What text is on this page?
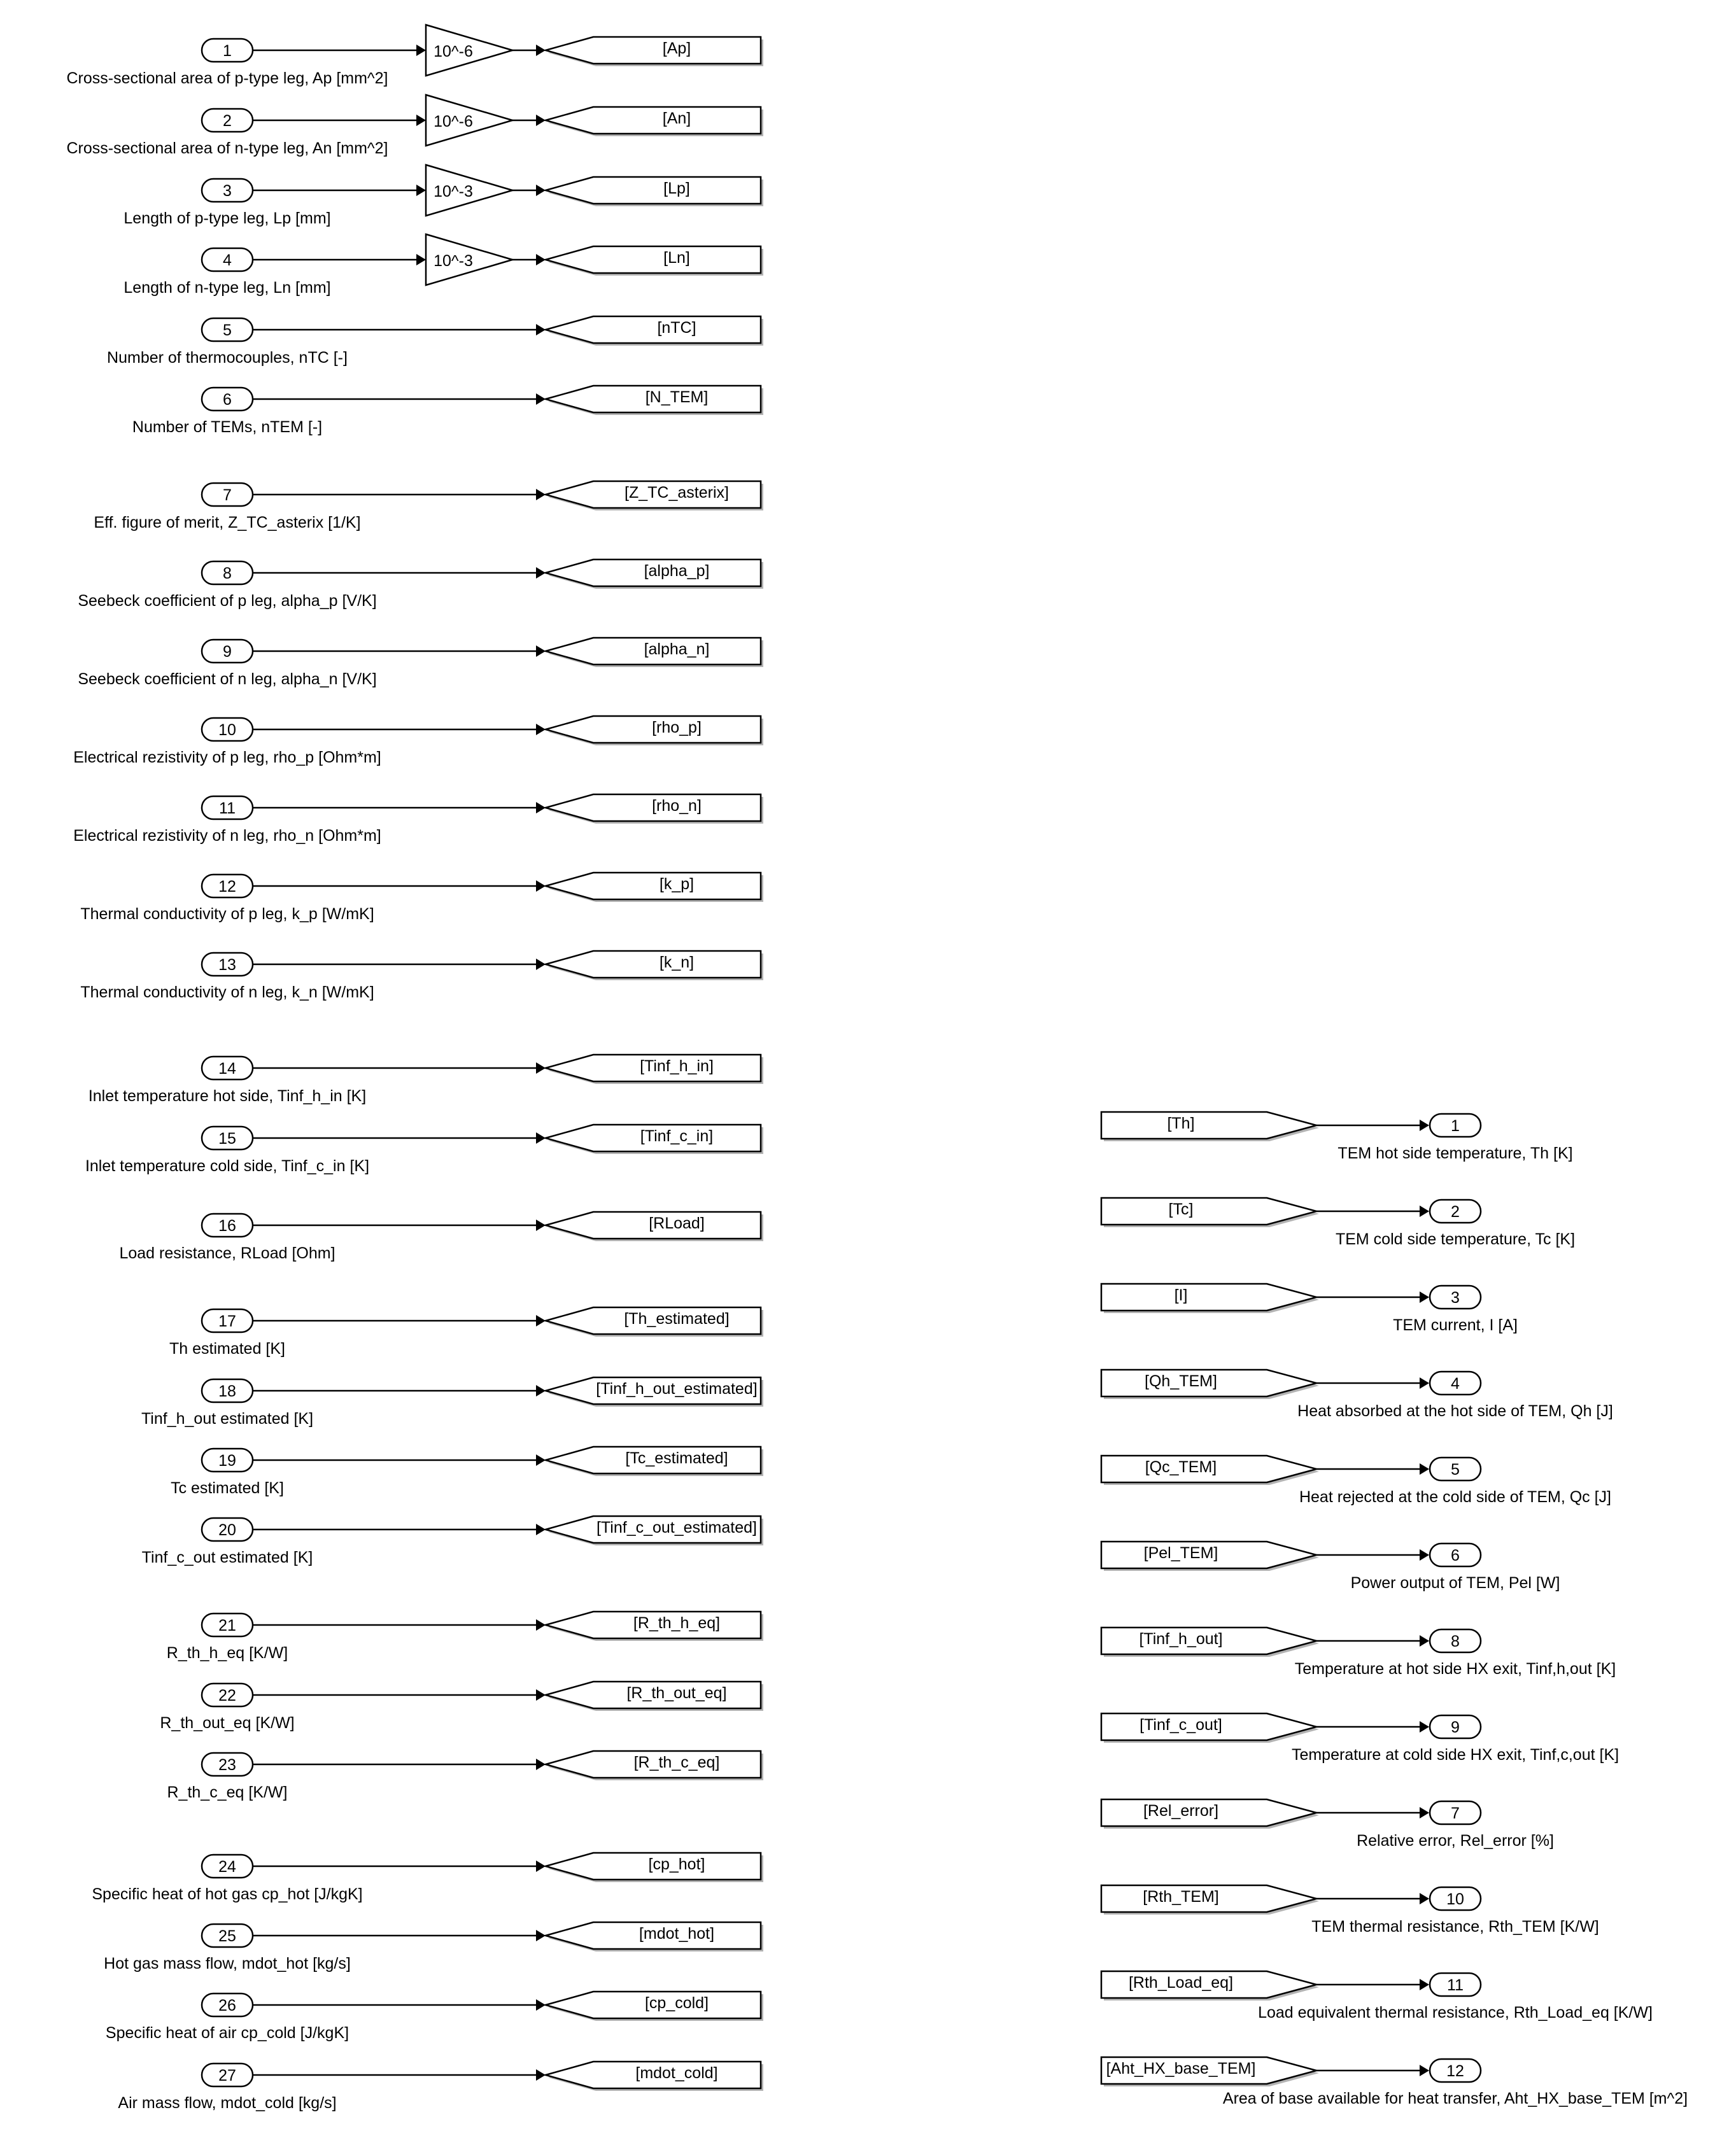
1
Cross-sectional area of p-type leg, Ap [mm^2]
10^-6	[Ap]
2
Cross-sectional area of n-type leg, An [mm^2]
10^-6	[An]
3
Length of p-type leg, Lp [mm]
10^-3	[Lp]
4
Length of n-type leg, Ln [mm]
10^-3	[Ln]
5
Number of thermocouples, nTC [-]
[nTC]
6
Number of TEMs, nTEM [-]
[N_TEM]
7
Eff. figure of merit, Z_TC_asterix [1/K]
[Z_TC_asterix]
8
Seebeck coefficient of p leg, alpha_p [V/K]
[alpha_p]
9
Seebeck coefficient of n leg, alpha_n [V/K]
[alpha_n]
10
Electrical rezistivity of p leg, rho_p [Ohm*m]
[rho_p]
11
Electrical rezistivity of n leg, rho_n [Ohm*m]
[rho_n]
12
Thermal conductivity of p leg, k_p [W/mK]
[k_p]
13
Thermal conductivity of n leg, k_n [W/mK]
[k_n]
14
Inlet temperature hot side, Tinf_h_in [K]
[Tinf_h_in]
15
Inlet temperature cold side, Tinf_c_in [K]
[Tinf_c_in]
16
Load resistance, RLoad [Ohm]
[RLoad]
17
Th estimated [K]
[Th_estimated]
18
Tinf_h_out estimated [K]
[Tinf_h_out_estimated]
19
Tc estimated [K]
[Tc_estimated]
20
Tinf_c_out estimated [K]
[Tinf_c_out_estimated]
21
R_th_h_eq [K/W]
[R_th_h_eq]
22
R_th_out_eq [K/W]
[R_th_out_eq]
23
R_th_c_eq [K/W]
[R_th_c_eq]
24
Specific heat of hot gas cp_hot [J/kgK]
[cp_hot]
25
Hot gas mass flow, mdot_hot [kg/s]
[mdot_hot]
26
Specific heat of air cp_cold [J/kgK]
[cp_cold]
27
Air mass flow, mdot_cold [kg/s]
[mdot_cold]
[Th]	1
TEM hot side temperature, Th [K]
[Tc]	2
TEM cold side temperature, Tc [K]
[I]	3
TEM current, I [A]
[Qh_TEM]	4
Heat absorbed at the hot side of TEM, Qh [J]
[Qc_TEM]	5
Heat rejected at the cold side of TEM, Qc [J]
[Pel_TEM]	6
Power output of TEM, Pel [W]
[Tinf_h_out]	8
Temperature at hot side HX exit, Tinf,h,out [K]
[Tinf_c_out]	9
Temperature at cold side HX exit, Tinf,c,out [K]
[Rel_error]	7
Relative error, Rel_error [%]
[Rth_TEM]	10
TEM thermal resistance, Rth_TEM [K/W]
[Rth_Load_eq]	11
Load equivalent thermal resistance, Rth_Load_eq [K/W]
[Aht_HX_base_TEM]	12
Area of base available for heat transfer, Aht_HX_base_TEM [m^2]
